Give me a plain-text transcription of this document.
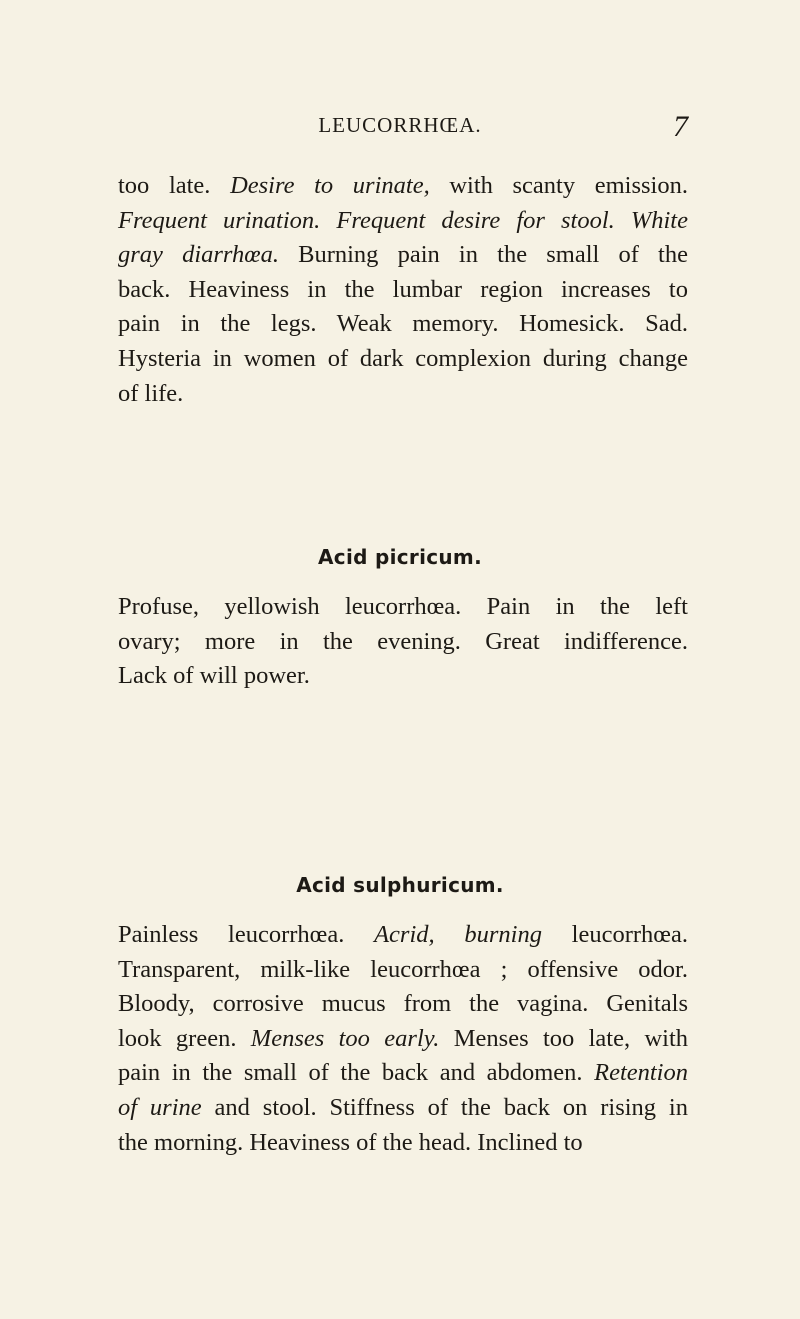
LEUCORRHŒA.	7
too late. Desire to urinate, with scanty emission.
Frequent urination. Frequent desire for stool. White
gray diarrhœa. Burning pain in the small of the
back. Heaviness in the lumbar region increases to
pain in the legs. Weak memory. Homesick. Sad.
Hysteria in women of dark complexion during change
of life.
Acid picricum.
Profuse, yellowish leucorrhœa. Pain in the left
ovary; more in the evening. Great indifference.
Lack of will power.
Acid sulphuricum.
Painless leucorrhœa. Acrid, burning leucorrhœa.
Transparent, milk-like leucorrhœa ; offensive odor.
Bloody, corrosive mucus from the vagina. Genitals
look green. Menses too early. Menses too late, with
pain in the small of the back and abdomen. Retention
of urine and stool. Stiffness of the back on rising in
the morning. Heaviness of the head. Inclined to
